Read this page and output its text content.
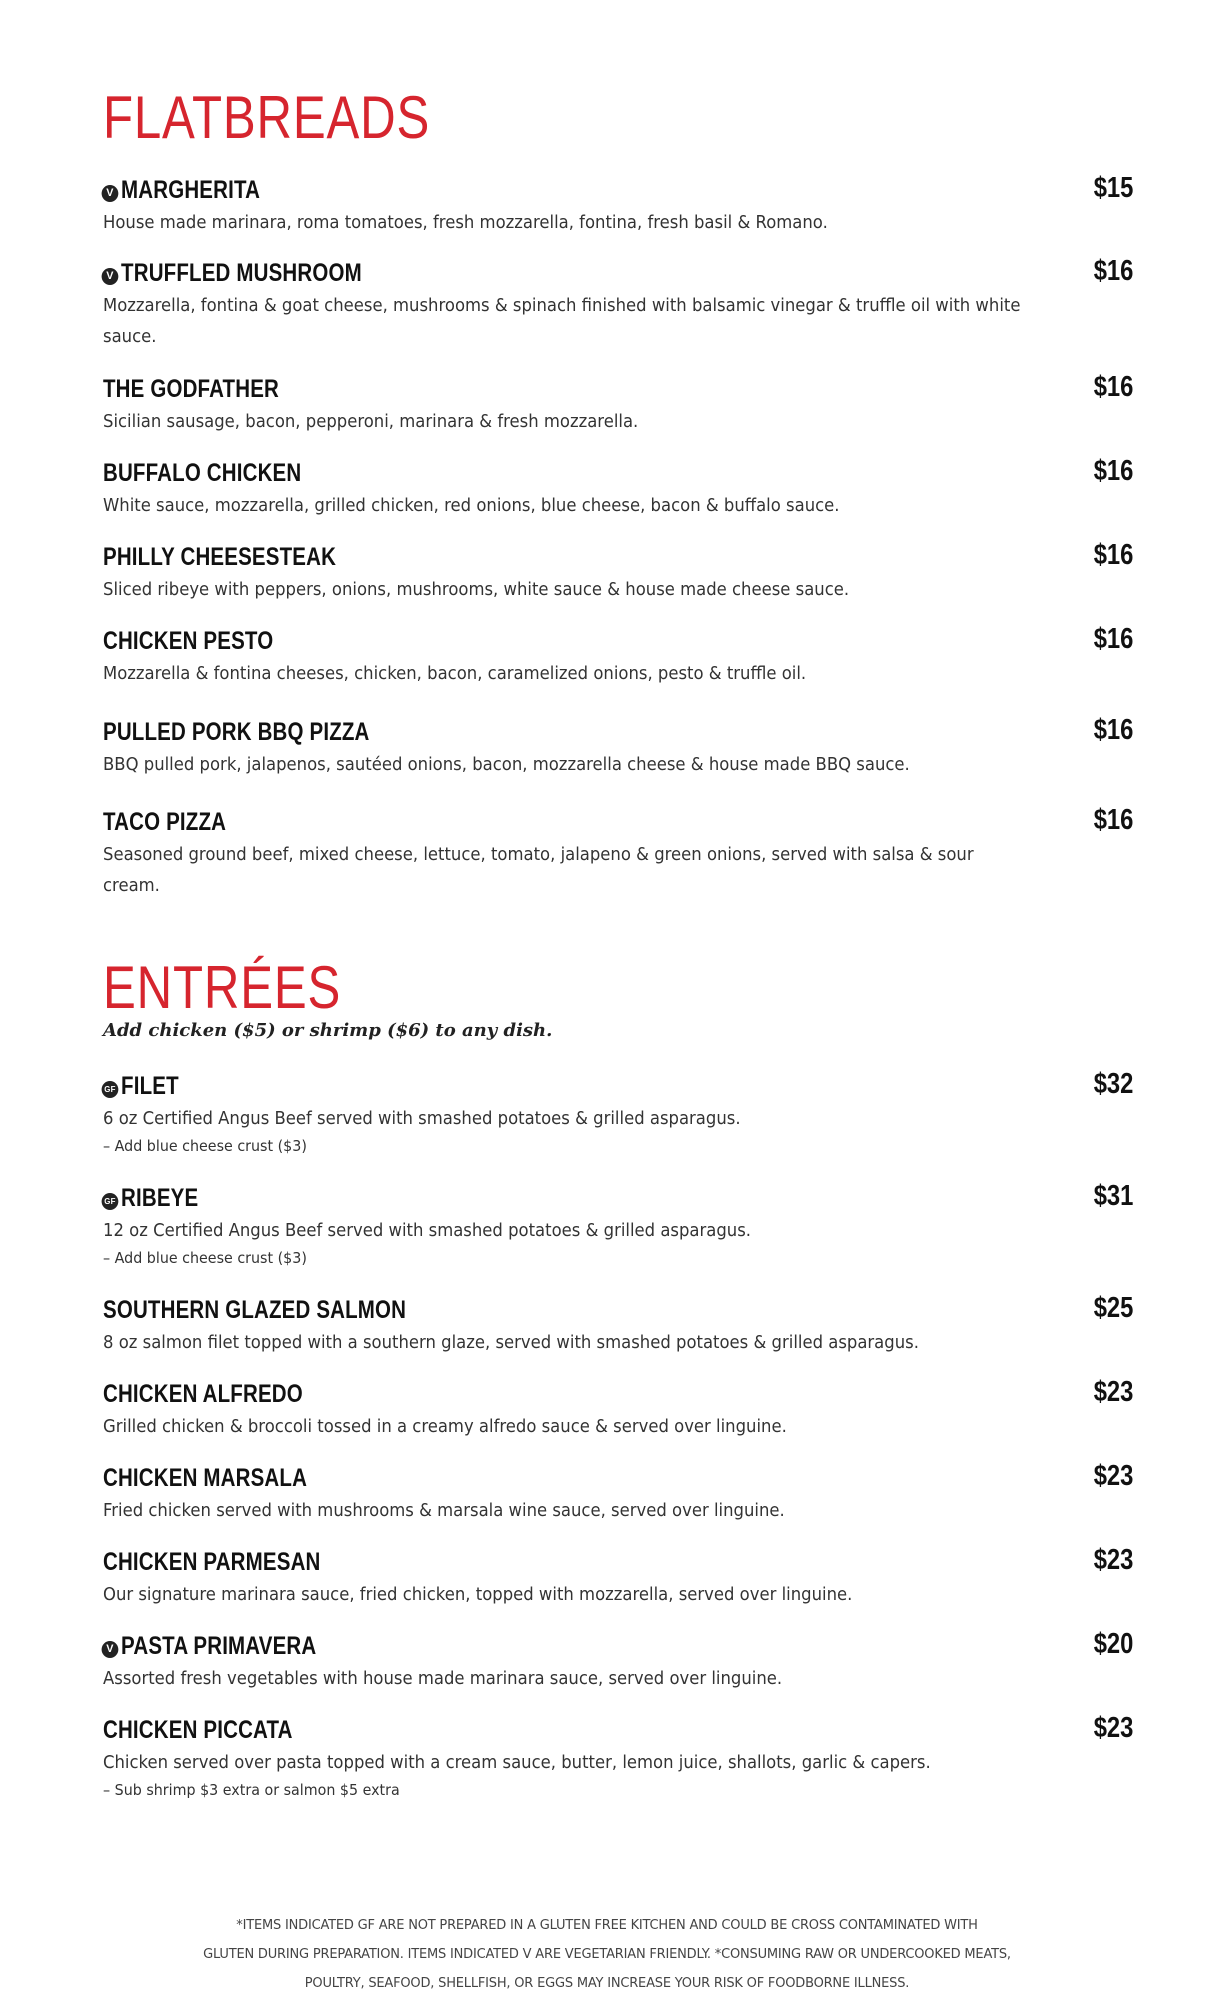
FLATBREADS
V MARGHERITA	$15
House made marinara, roma tomatoes, fresh mozzarella, fontina, fresh basil & Romano.
V TRUFFLED MUSHROOM	$16
Mozzarella, fontina & goat cheese, mushrooms & spinach finished with balsamic vinegar & truffle oil with white sauce.
THE GODFATHER	$16
Sicilian sausage, bacon, pepperoni, marinara & fresh mozzarella.
BUFFALO CHICKEN	$16
White sauce, mozzarella, grilled chicken, red onions, blue cheese, bacon & buffalo sauce.
PHILLY CHEESESTEAK	$16
Sliced ribeye with peppers, onions, mushrooms, white sauce & house made cheese sauce.
CHICKEN PESTO	$16
Mozzarella & fontina cheeses, chicken, bacon, caramelized onions, pesto & truffle oil.
PULLED PORK BBQ PIZZA	$16
BBQ pulled pork, jalapenos, sautéed onions, bacon, mozzarella cheese & house made BBQ sauce.
TACO PIZZA	$16
Seasoned ground beef, mixed cheese, lettuce, tomato, jalapeno & green onions, served with salsa & sour cream.
ENTRÉES
Add chicken ($5) or shrimp ($6) to any dish.
GF FILET	$32
6 oz Certified Angus Beef served with smashed potatoes & grilled asparagus.
– Add blue cheese crust ($3)
GF RIBEYE	$31
12 oz Certified Angus Beef served with smashed potatoes & grilled asparagus.
– Add blue cheese crust ($3)
SOUTHERN GLAZED SALMON	$25
8 oz salmon filet topped with a southern glaze, served with smashed potatoes & grilled asparagus.
CHICKEN ALFREDO	$23
Grilled chicken & broccoli tossed in a creamy alfredo sauce & served over linguine.
CHICKEN MARSALA	$23
Fried chicken served with mushrooms & marsala wine sauce, served over linguine.
CHICKEN PARMESAN	$23
Our signature marinara sauce, fried chicken, topped with mozzarella, served over linguine.
V PASTA PRIMAVERA	$20
Assorted fresh vegetables with house made marinara sauce, served over linguine.
CHICKEN PICCATA	$23
Chicken served over pasta topped with a cream sauce, butter, lemon juice, shallots, garlic & capers.
– Sub shrimp $3 extra or salmon $5 extra
*ITEMS INDICATED GF ARE NOT PREPARED IN A GLUTEN FREE KITCHEN AND COULD BE CROSS CONTAMINATED WITH
GLUTEN DURING PREPARATION. ITEMS INDICATED V ARE VEGETARIAN FRIENDLY. *CONSUMING RAW OR UNDERCOOKED MEATS,
POULTRY, SEAFOOD, SHELLFISH, OR EGGS MAY INCREASE YOUR RISK OF FOODBORNE ILLNESS.
